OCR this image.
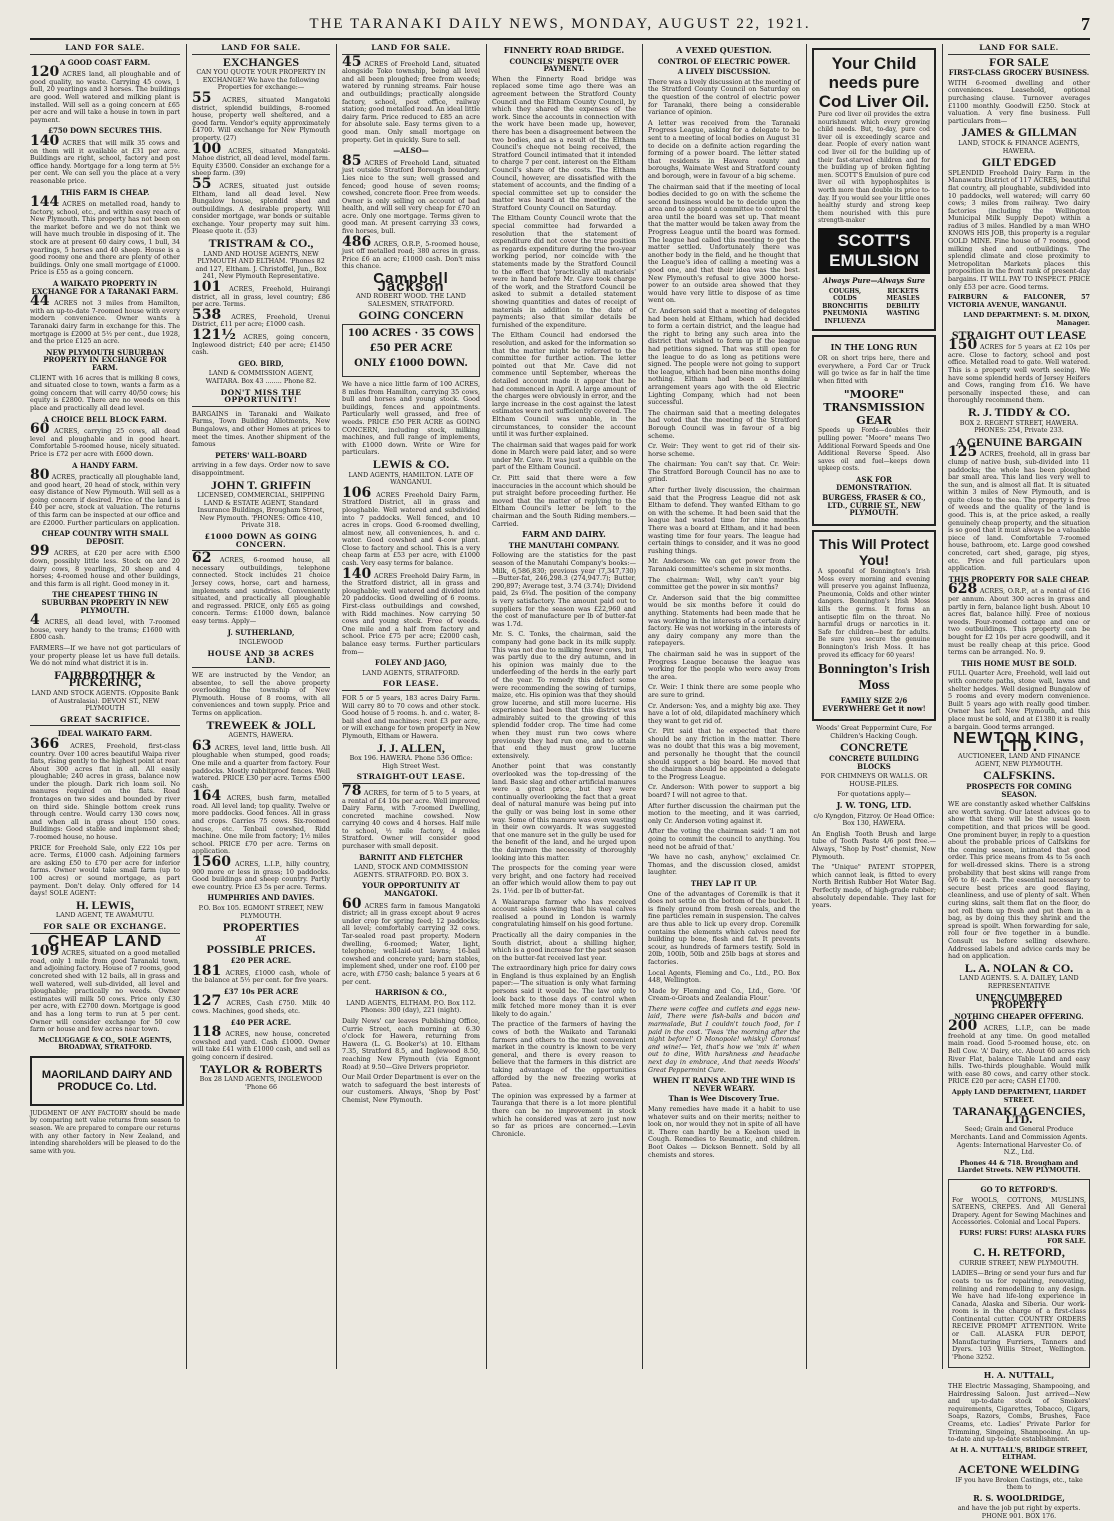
THE TARANAKI DAILY NEWS, MONDAY, AUGUST 22, 1921.	7
LAND FOR SALE.
A GOOD COAST FARM.

120 ACRES land, all ploughable and of good quality, no waste. Carrying 45 cows, 1 bull, 20 yearlings and 3 horses. The buildings are good. Well watered and milking plant is installed. Will sell as a going concern at £65 per acre and will take a house in town in part payment.

£750 DOWN SECURES THIS.

140 ACRES that will milk 35 cows and on them will it available at £31 per acre. Buildings are right, school, factory and post office handy. Mortgage for a long term at 5½ per cent. We can sell you the place at a very reasonable price.

THIS FARM IS CHEAP.

144 ACRES on metalled road, handy to factory, school, etc., and within easy reach of New Plymouth. This property has not been on the market before and we do not think we will have much trouble in disposing of it. The stock are at present 60 dairy cows, 1 bull, 34 yearlings, 5 horses and 40 sheep. House is a good roomy one and there are plenty of other buildings. Only one small mortgage of £1000. Price is £55 as a going concern.

A WAIKATO PROPERTY IN EXCHANGE FOR A TARANAKI FARM.

44 ACRES not 3 miles from Hamilton, with an up-to-date 7-roomed house with every modern convenience. Owner wants a Taranaki dairy farm in exchange for this. The mortgage is £2000 at 5½ per cent., due 1928, and the price £125 an acre.

NEW PLYMOUTH SUBURBAN PROPERTY IN EXCHANGE FOR FARM.

CLIENT with 16 acres that is milking 8 cows, and situated close to town, wants a farm as a going concern that will carry 40/50 cows; his equity is £2800. There are no weeds on this place and practically all dead level.

A CHOICE BELL BLOCK FARM.

60 ACRES, carrying 25 cows, all dead level and ploughable and in good heart. Comfortable 5-roomed house, nicely situated. Price is £72 per acre with £600 down.

A HANDY FARM.

80 ACRES, practically all ploughable land, and good heart, 20 head of stock, within very easy distance of New Plymouth. Will sell as a going concern if desired. Price of the land is £40 per acre, stock at valuation. The returns of this farm can be inspected at our office and are £2000. Further particulars on application.

CHEAP COUNTRY WITH SMALL DEPOSIT.

99 ACRES, at £20 per acre with £500 down, possibly little less. Stock on are 20 dairy cows, 8 yearlings, 20 sheep and 4 horses; 4-roomed house and other buildings, and this farm is all right. Good money in it.

THE CHEAPEST THING IN SUBURBAN PROPERTY IN NEW PLYMOUTH.

4 ACRES, all dead level, with 7-roomed house, very handy to the trams; £1600 with £800 cash.

FARMERS—If we have not got particulars of your property please let us have full details. We do not mind what district it is in.

FAIRBROTHER & PICKERING,

LAND AND STOCK AGENTS. (Opposite Bank of Australasia). DEVON ST., NEW PLYMOUTH

GREAT SACRIFICE.
IDEAL WAIKATO FARM.

366 ACRES, Freehold, first-class country. Over 100 acres beautiful Waipa river flats, rising gently to the highest point at rear. About 300 acres flat in all. All easily ploughable; 240 acres in grass, balance now under the plough. Dark rich loam soil. No manures required on the flats. Road frontages on two sides and bounded by river on third side. Shingle bottom creek runs through centre. Would carry 130 cows now, and when all in grass about 150 cows. Buildings: Good stable and implement shed; 7-roomed house, no house.

PRICE for Freehold Sale, only £22 10s per acre. Terms, £1000 cash. Adjoining farmers are asking £50 to £70 per acre for inferior farms. Owner would take small farm (up to 100 acres) or sound mortgage, as part payment. Don't delay. Only offered for 14 days! SOLE AGENT:

H. LEWIS,

LAND AGENT, TE AWAMUTU.

FOR SALE OR EXCHANGE.
CHEAP LAND

109 ACRES, situated on a good metalled road, only 1 mile from good Taranaki town, and adjoining factory. House of 7 rooms, good concreted shed with 12 bails, all in grass and well watered, well sub-divided, all level and ploughable; practically no weeds. Owner estimates will milk 50 cows. Price only £30 per acre, with £2700 down. Mortgage is good and has a long term to run at 5 per cent. Owner will consider exchange for 50 cow farm or house and few acres near town.

McCLUGGAGE & CO., SOLE AGENTS, BROADWAY, STRATFORD.

MAORILAND DAIRY AND PRODUCE Co. Ltd.

JUDGMENT OF ANY FACTORY should be made by comparing nett value returns from season to season. We are prepared to compare our returns with any other factory in New Zealand, and intending shareholders will be pleased to do the same with you.

LAND FOR SALE.
EXCHANGES

CAN YOU QUOTE YOUR PROPERTY IN EXCHANGE? We have the following Properties for exchange:—

55 ACRES, situated Mangatoki district, splendid buildings, 8-roomed house, property well sheltered, and a good farm. Vendor's equity approximately £4700. Will exchange for New Plymouth property. (27)

100 ACRES, situated Mangatoki-Mahoe district, all dead level, model farm. Equity £3500. Consider an exchange for a sheep farm. (39)

55 ACRES, situated just outside Eltham, land all dead level. New Bungalow house, splendid shed and outbuildings. A desirable property. Will consider mortgage, war bonds or suitable exchange. Your property may suit him. Please quote it. (53)

TRISTRAM & CO.,

LAND AND HOUSE AGENTS, NEW PLYMOUTH AND ELTHAM. 'Phones 82 and 127, Eltham. J. Christoffel, Jun., Box 241, New Plymouth Representative.

101 ACRES, Freehold, Huirangi district, all in grass, level country; £86 per acre. Terms.

538 ACRES, Freehold, Urenui District, £11 per acre; £1000 cash.

121½ ACRES, going concern, Inglewood district; £40 per acre; £1450 cash.

GEO. BIRD,

LAND & COMMISSION AGENT, WAITARA. Box 43 ........ Phone 82.

DON'T MISS THE OPPORTUNITY!

BARGAINS in Taranaki and Waikato Farms, Town Building Allotments, New Bungalows, and other Homes at prices to meet the times. Another shipment of the famous

PETERS' WALL-BOARD

arriving in a few days. Order now to save disappointment.

JOHN T. GRIFFIN

LICENSED, COMMERCIAL, SHIPPING LAND & ESTATE AGENT, Standard Insurance Buildings, Brougham Street, New Plymouth. 'PHONES: Office 410, Private 318.

£1000 DOWN AS GOING CONCERN.

62 ACRES, 6-roomed house, all necessary outbuildings, telephone connected. Stock includes 21 choice Jersey cows, horse, cart and harness, implements and sundries. Conveniently situated, and practically all ploughable and regrassed. PRICE, only £65 as going concern. Terms: £1000 down, balance easy terms. Apply—

J. SUTHERLAND,

INGLEWOOD

HOUSE AND 38 ACRES LAND.

WE are instructed by the Vendor, an absentee, to sell the above property overlooking the township of New Plymouth. House of 8 rooms, with all conveniences and town supply. Price and Terms on application.

TREWEEK & JOLL

AGENTS, HAWERA.

63 ACRES, level land, little bush. All ploughable when stumped, good roads; One mile and a quarter from factory. Four paddocks. Mostly rabbitproof fences. Well watered. PRICE £30 per acre. Terms £500 cash.

164 ACRES, bush farm, metalled road. All level land; top quality. Twelve or more paddocks. Good fences. All in grass and crops. Carries 75 cows. Six-roomed house, etc. Tenbail cowshed, Ridd machine. One mile from factory; 1½ miles school. PRICE £70 per acre. Terms on application.

1560 ACRES, L.I.P., hilly country, 900 more or less in grass; 10 paddocks. Good buildings and sheep country. Partly ewe country. Price £3 5s per acre. Terms.

HUMPHRIES AND DAVIES.

P.O. Box 105. EGMONT STREET, NEW PLYMOUTH.

PROPERTIES
AT
POSSIBLE PRICES.
£20 PER ACRE.

181 ACRES, £1000 cash, whole of the balance at 5½ per cent. for five years.

£37 10s PER ACRE

127 ACRES, Cash £750. Milk 40 cows. Machines, good sheds, etc.

£40 PER ACRE.

118 ACRES, new house, concreted cowshed and yard. Cash £1000. Owner will take £41 with £1000 cash, and sell as going concern if desired.

TAYLOR & ROBERTS

Box 28 LAND AGENTS, INGLEWOOD 'Phone 66

LAND FOR SALE.

45 ACRES of Freehold Land, situated alongside Toko township, being all level and all been ploughed; free from weeds; watered by running streams. Fair house and outbuildings; practically alongside factory, school, post office, railway station; good metalled road. An ideal little dairy farm. Price reduced to £85 an acre for absolute sale. Easy terms given to a good man. Only small mortgage on property. Get in quickly. Sure to sell.

—ALSO—

85 ACRES of Freehold Land, situated just outside Stratford Borough boundary. Lies nice to the sun; well grassed and fenced; good house of seven rooms; cowshed, concrete floor. Free from weeds. Owner is only selling on account of bad health, and will sell very cheap for £70 an acre. Only one mortgage. Terms given to good man. At present carrying 33 cows, five horses, bull.

486 ACRES, O.R.P., 5-roomed house, just off metalled road; 380 acres in grass. Price £6 an acre; £1000 cash. Don't miss this chance.

Campbell Jackson

AND ROBERT WOOD. THE LAND SALESMEN, STRATFORD.

GOING CONCERN

100 ACRES · 35 COWS

£50 PER ACRE

ONLY £1000 DOWN.

We have a nice little farm of 100 ACRES, 8 miles from Hamilton, carrying 35 cows, bull and horses and young stock. Good buildings, fences and appointments. Particularly well grassed, and free of weeds. PRICE £50 PER ACRE as GOING CONCERN, including stock, milking machines, and full range of implements, with £1000 down. Write or Wire for particulars.

LEWIS & CO.

LAND AGENTS, HAMILTON. LATE OF WANGANUI.

106 ACRES Freehold Dairy Farm, Stratford District, all in grass and ploughable. Well watered and subdivided into 7 paddocks. Well fenced, and 10 acres in crops. Good 6-roomed dwelling, almost new, all conveniences, h. and c. water. Good cowshed and 4-cow plant. Close to factory and school. This is a very cheap farm at £53 per acre, with £1000 cash. Very easy terms for balance.

140 ACRES Freehold Dairy Farm, in the Stratford district, all in grass and ploughable; well watered and divided into 20 paddocks. Good dwelling of 6 rooms. First-class outbuildings and cowshed, with Ridd machines. Now carrying 50 cows and young stock. Free of weeds. One mile and a half from factory and school. Price £75 per acre; £2000 cash, balance easy terms. Further particulars from—

FOLEY AND JAGO,

LAND AGENTS, STRATFORD.

FOR LEASE.

FOR 5 or 5 years, 183 acres Dairy Farm. Will carry 80 to 70 cows and other stock. Good house of 5 rooms. h. and c. water, 8-bail shed and machines; rent £3 per acre, or will exchange for town property in New Plymouth, Eltham or Hawera.

J. J. ALLEN,

Box 196. HAWERA. Phone 536 Office: High Street West.

STRAIGHT-OUT LEASE.

78 ACRES, for term of 5 to 5 years, at a rental of £4 10s per acre. Well improved Dairy Farm, with 7-roomed Dwelling, concreted machine cowshed. Now carrying 40 cows and 4 horses. Half mile to school, ½ mile factory, 4 miles Stratford. Owner will consider good purchaser with small deposit.

BARNITT AND FLETCHER

LAND, STOCK AND COMMISSION AGENTS. STRATFORD. P.O. BOX 3.

YOUR OPPORTUNITY AT MANGATOKI.

60 ACRES farm in famous Mangatoki district; all in grass except about 9 acres under crop for spring feed; 12 paddocks; all level; comfortably carrying 32 cows. Tar-sealed road past property. Modern dwelling, 6-roomed; Water, light, telephone; well-laid-out lawns; 16-bail cowshed and concrete yard; barn stables, implement shed, under one roof. £100 per acre, with £750 cash; balance 5 years at 6 per cent.

HARRISON & CO.,

LAND AGENTS, ELTHAM. P.O. Box 112. Phones: 300 (day), 221 (night).

Daily News' car leaves Publishing Office, Currie Street, each morning at 6.30 o'clock for Hawera, returning from Hawera (L. G. Booker's) at 10. Eltham 7.35, Stratford 8.5, and Inglewood 8.50, reaching New Plymouth (via Egmont Road) at 9.50—Give Drivers proprietor.

Our Mail Order Department is ever on the watch to safeguard the best interests of our customers. Always, 'Shop by Post' Chemist, New Plymouth.

FINNERTY ROAD BRIDGE.
COUNCILS' DISPUTE OVER PAYMENT.

When the Finnerty Road bridge was replaced some time ago there was an agreement between the Stratford County Council and the Eltham County Council, by which they shared the expenses of the work. Since the accounts in connection with the work have been made up, however, there has been a disagreement between the two bodies, and as a result of the Eltham Council's cheque not being received, the Stratford Council intimated that it intended to charge 7 per cent. interest on the Eltham Council's share of the costs. The Eltham Council, however, are dissatisfied with the statement of accounts, and the finding of a special committee set up to consider the matter was heard at the meeting of the Stratford County Council on Saturday.

The Eltham County Council wrote that the special committee had forwarded a resolution that the statement of expenditure did not cover the true position as regards expenditure during the two-year working period, nor coincide with the statements made by the Stratford Council to the effect that 'practically all materials' were in hand before Mr. Cave took charge of the work, and the Stratford Council be asked to submit a detailed statement showing quantities and dates of receipt of materials in addition to the date of payments; also that similar details be furnished of the expenditure.

The Eltham Council had endorsed the resolution, and asked for the information so that the matter might be referred to the committee for further action. The letter pointed out that Mr. Cave did not commence until September, whereas the detailed account made it appear that he had commenced in April. A large amount of the charges were obviously in error, and the large increase in the cost against the latest estimates were not sufficiently covered. The Eltham Council was unable, in the circumstances, to consider the account until it was further explained.

The chairman said that wages paid for work done in March were paid later, and so were under Mr. Cave. It was just a quibble on the part of the Eltham Council.

Cr. Pitt said that there were a few inaccuracies in the account which should be put straight before proceeding further. He moved that the matter of replying to the Eltham Council's letter be left to the chairman and the South Riding members.—Carried.

FARM AND DAIRY.
THE MANUTAHI COMPANY.

Following are the statistics for the past season of the Manutahi Company's books:—Milk, 6,586,830; previous year (7,347,730)—Butter-fat, 246,298.3 (274,947.7); Butter, 290,897; Average test, 3.74 (3.74); Dividend paid, 2s 6¾d. The position of the company is very satisfactory. The amount paid out to suppliers for the season was £22,960 and the cost of manufacture per lb of butter-fat was 1.7d.

Mr. S. C. Tonks, the chairman, said the company had gone back in its milk supply. This was not due to milking fewer cows, but was partly due to the dry autumn, and in his opinion was mainly due to the underfeeding of the herds in the early part of the year. To remedy this defect some were recommending the sowing of turnips, maize, etc. His opinion was that they should grow lucerne, and still more lucerne. His experience had been that this district was admirably suited to the growing of this splendid fodder crop. The time had come when they must run two cows where previously they had run one, and to attain that end they must grow lucerne extensively.

Another point that was constantly overlooked was the top-dressing of the land. Basic slag and other artificial manures were a great price, but they were continually overlooking the fact that a great deal of natural manure was being put into the gully or was being lost in some other way. Some of this manure was even wasting in their own cowyards. It was suggested that one manure set in the gully be used for the benefit of the land, and he urged upon the dairymen the necessity of thoroughly looking into this matter.

The prospects for the coming year were very bright, and one factory had received an offer which would allow them to pay out 2s. 1½d. per lb of butter-fat.

A Waiararapa farmer who has received account sales showing that his veal calves realised a pound in London is warmly congratulating himself on his good fortune.

Practically all the dairy companies in the South district, about a shilling higher, which is a good increase for the past season on the butter-fat received last year.

The extraordinary high price for dairy cows in England is thus explained by an English paper:—'The situation is only what farming persons said it would be. The law only to look back to those days of control when milk fetched more money than it is ever likely to do again.'

The practice of the farmers of having the cows of both the Waikato and Taranaki farmers and others to the most convenient market in the country is known to be very general, and there is every reason to believe that the farmers in this district are taking advantage of the opportunities afforded by the new freezing works at Patea.

The opinion was expressed by a farmer at Tauranga that there is a lot more plentiful there can be no improvement in stock which he considered was at zero just now so far as prices are concerned.—Levin Chronicle.

A VEXED QUESTION.
CONTROL OF ELECTRIC POWER.
A LIVELY DISCUSSION.

There was a lively discussion at the meeting of the Stratford County Council on Saturday on the question of the control of electric power for Taranaki, there being a considerable variance of opinion.

A letter was received from the Taranaki Progress League, asking for a delegate to be sent to a meeting of local bodies on August 31 to decide on a definite action regarding the forming of a power board. The letter stated that residents in Hawera county and boroughs, Waimate West and Stratford county and borough, were in favour of a big scheme.

The chairman said that if the meeting of local bodies decided to go on with the scheme the second business would be to decide upon the area and to appoint a committee to control the area until the board was set up. That meant that the matter would be taken away from the Progress League until the board was formed. The league had called this meeting to get the matter settled. Unfortunately there was another body in the field, and he thought that the League's idea of calling a meeting was a good one, and that their idea was the best. New Plymouth's refusal to give 3000 horse-power to an outside area showed that they would have very little to dispose of as time went on.

Cr. Anderson said that a meeting of delegates had been held at Eltham, which had decided to form a certain district, and the league had the right to bring any such area into the district that wished to form up if the league had petitions signed. That was still open for the league to do as long as petitions were signed. The people were not going to support the league, which had been nine months doing nothing. Eltham had been a similar arrangement years ago with the old Electric Lighting Company, which had not been successful.

The chairman said that a meeting delegates had voted that the meeting of the Stratford Borough Council was in favour of a big scheme.

Cr. Weir: They went to get rid of their six-horse scheme.

The chairman: You can't say that. Cr. Weir: The Stratford Borough Council has no axe to grind.

After further lively discussion, the chairman said that the Progress League did not ask Eltham to defend. They wanted Eltham to go on with the scheme. It had been said that the league had wasted time for nine months. There was a board at Eltham, and it had been wasting time for four years. The league had certain things to consider, and it was no good rushing things.

Mr. Anderson: We can get power from the Taranaki committee's scheme in six months.

The chairman: Well, why can't your big committee get the power in six months?

Cr. Anderson said that the big committee would be six months before it could do anything. Statements had been made that he was working in the interests of a certain dairy factory. He was not working in the interests of any dairy company any more than the ratepayers.

The chairman said he was in support of the Progress League because the league was working for the people who were away from the area.

Cr. Weir: I think there are some people who are sure to grind.

Cr. Anderson: Yes, and a mighty big axe. They have a lot of old, dilapidated machinery which they want to get rid of.

Cr. Pitt said that he expected that there should be any friction in the matter. There was no doubt that this was a big movement, and personally he thought that the council should support a big board. He moved that the chairman should be appointed a delegate to the Progress League.

Cr. Anderson: With power to support a big board? I will not agree to that.

After further discussion the chairman put the motion to the meeting, and it was carried, only Cr. Anderson voting against it.

After the voting the chairman said: 'I am not going to commit the council to anything. You need not be afraid of that.'

'We have no cash, anyhow,' exclaimed Cr. Thomas, and the discussion closed, amidst laughter.

THEY LAP IT UP.

One of the advantages of Coremilk is that it does not settle on the bottom of the bucket. It is finely ground from fresh cereals, and the fine particles remain in suspension. The calves are thus able to lick up every drop. Coremilk contains the elements which calves need for building up bone, flesh and fat. It prevents scour, as hundreds of farmers testify. Sold in 20lb, 100lb, 50lb and 25lb bags at stores and factories.

Local Agents, Fleming and Co., Ltd., P.O. Box 448, Wellington.

Made by Fleming and Co., Ltd., Gore. 'Of Cream-o-Groats and Zealandia Flour.'

There were coffee and cutlets and eggs new-laid, There were fish-balls and bacon and marmalade, But I couldn't touch food, for I paid in the cost. 'Twas 'the morning after the night before!' O Monopole! whisky! Coronas! and wine!— Yet, that's how we 'mix it' when out to dine, With harshness and headache next day in embrace, And that needs Woods' Great Peppermint Cure.

WHEN IT RAINS AND THE WIND IS NEVER WEARY.
Than is Wee Discovery True.

Many remedies have made it a habit to use whatever suits and on their merits; neither to look on, nor would they not in spite of all have it. There can hardly be a Keelson used in Cough. Remedies to Reumatic, and children. Boot Oakes — Dickson Bennett. Sold by all chemists and stores.

Your Child needs pure Cod Liver Oil.

Pure cod liver oil provides the extra nourishment which every growing child needs. But, to-day, pure cod liver oil is exceedingly scarce and dear. People of every nation want cod liver oil for the building up of their fast-starved children and for the building up of broken fighting men. SCOTT'S Emulsion of pure cod liver oil with hypophosphites is worth more than double its price to-day. If you would see your little ones healthy sturdy and strong keep them nourished with this pure strength-maker

SCOTT'S EMULSION
Always Pure—Always Sure
COUGHS, COLDS BRONCHITIS PNEUMONIA INFLUENZA
RICKETS MEASLES DEBILITY WASTING
IN THE LONG RUN

OR on short trips here, there and everywhere, a Ford Car or Truck will go twice as far in half the time when fitted with

"MOORE" TRANSMISSION GEAR

Speeds up Fords—doubles their pulling power. "Moore" means Two Additional Forward Speeds and One Additional Reverse Speed. Also saves oil and fuel—keeps down upkeep costs.

ASK FOR DEMONSTRATION.
BURGESS, FRASER & CO., LTD., CURRIE ST., NEW PLYMOUTH.
This Will Protect You!

A spoonful of Bonnington's Irish Moss every morning and evening will preserve you against Influenza, Pneumonia, Colds and other winter dangers. Bonnington's Irish Moss kills the germs. It forms an antiseptic film on the throat. No harmful drugs or narcotics in it. Safe for children—best for adults. Be sure you secure the genuine Bonnington's Irish Moss. It has proved its efficacy for 60 years!

Bonnington's Irish Moss
FAMILY SIZE 2/6 EVERYWHERE Get it now!

Woods' Great Peppermint Cure, For Children's Hacking Cough.

CONCRETE
CONCRETE BUILDING BLOCKS

FOR CHIMNEYS OR WALLS. OR HOUSE-PILES.

For quotations apply—

J. W. TONG, LTD.

c/o Kyngdon, Fitzroy. Or Head Office: Box 130, HAWERA.

An English Tooth Brush and large tube of Tooth Paste 4/6 post free.—Always, "Shop by Post" chemist, New Plymouth.

The "Unique" PATENT STOPPER, which cannot leak, is fitted to every North British Rubber Hot Water Bag. Perfectly made, of high-grade rubber; absolutely dependable. They last for years.

LAND FOR SALE.
FOR SALE
FIRST-CLASS GROCERY BUSINESS.

WITH 6-roomed dwelling and other conveniences. Leasehold, optional purchasing clause. Turnover averages £1100 monthly. Goodwill £250. Stock at valuation. A very fine business. Full particulars from—

JAMES & GILLMAN

LAND, STOCK & FINANCE AGENTS, HAWERA.

GILT EDGED

SPLENDID Freehold Dairy Farm in the Manawatu District of 117 ACRES, beautiful flat country, all ploughable, subdivided into 10 paddocks, well watered; will carry 60 cows; 3 miles from railway. Two dairy factories (including the Wellington Municipal Milk Supply Depot) within a radius of 3 miles. Handled by a man WHO KNOWS HIS JOB, this property is a regular GOLD MINE. Fine house of 7 rooms, good milking shed and outbuildings. The splendid climate and close proximity to Metropolitan Markets places this proposition in the front rank of present-day bargains. IT WILL PAY TO INSPECT. PRICE only £53 per acre. Good terms.

FAIRBURN & FALCONER, 57 VICTORIA AVENUE, WANGANUI.

LAND DEPARTMENT: S. M. DIXON, Manager.

STRAIGHT OUT LEASE

150 ACRES for 5 years at £2 10s per acre. Close to factory, school and post office. Metalled road to gate. Well watered. This is a property well worth seeing. We have some splendid herds of Jersey Heifers and Cows, ranging from £16. We have personally inspected these, and can thoroughly recommend them.

R. J. TIDDY & CO.

BOX 2. REGENT STREET, HAWERA. PHONES: 254, Private 233.

A GENUINE BARGAIN

125 ACRES, freehold, all in grass bar clump of native bush, sub-divided into 11 paddocks; the whole has been ploughed bar small area. This land lies very well to the sun, and is almost all flat. It is situated within 3 miles of New Plymouth, and is quite close to the sea. The property is free of weeds and the quality of the land is good. This is, at the price asked, a really genuinely cheap property, and the situation is so good that it must always be a valuable piece of land. Comfortable 7-roomed house, bathroom, etc. Large good cowshed concreted, cart shed, garage, pig styes, etc. Price and full particulars upon application.

THIS PROPERTY FOR SALE CHEAP.

628 ACRES, O.R.P., at a rental of £16 per annum. About 300 acres in grass and partly in fern, balance light bush. About 10 acres flat, balance hilly. Free of noxious weeds. Four-roomed cottage and one or two outbuildings. This property can be bought for £2 10s per acre goodwill, and it must be really cheap at this price. Good terms can be arranged. No. 9.

THIS HOME MUST BE SOLD.

FULL Quarter Acre, Freehold, well laid out with concrete paths, stone wall, lawns and shelter hedges. Well designed Bungalow of 5 rooms and every modern convenience. Built 5 years ago with really good timber. Owner has left New Plymouth, and this place must be sold, and at £1380 it is really a bargain. Good terms arranged.

NEWTON KING, LTD.

AUCTIONEER, LAND AND FINANCE AGENT, NEW PLYMOUTH.

CALFSKINS.
PROSPECTS FOR COMING SEASON.

WE are constantly asked whether Calfskins are worth saving. Our latest advices go to show that there will be the usual keen competition, and that prices will be good. One prominent buyer, in reply to a question about the probable prices of Calfskins for the coming season, intimated that good order. This price means from 4s to 5s each for well-dressed skins. There is a strong probability that best skins will range from 6/6 to 8/- each. The essential necessary to secure best prices are good flaying, cleanliness, and use of plenty of salt. When curing skins, salt them flat on the floor, do not roll them up fresh and put them in a bag, as by doing this they shrink and the spread is spoilt. When forwarding for sale, roll four or five together in a bundle. Consult us before selling elsewhere. Addressed labels and advice cards may be had on application.

L. A. NOLAN & CO.

LAND AGENTS. S. A. DAILEY, LAND REPRESENTATIVE

UNENCUMBERED PROPERTY
NOTHING CHEAPER OFFERING.

200 ACRES, L.I.P., can be made freehold at any time. On good metalled main road. Good 5-roomed house, etc. on Bell Cow. 'A' Dairy, etc. About 60 acres rich River Flat, balance Table Land and easy hills. Two-thirds ploughable. Would milk with ease 80 cows, and carry other stock. PRICE £20 per acre; CASH £1700.

Apply LAND DEPARTMENT, LIARDET STREET.

TARANAKI AGENCIES, LTD.

Seed; Grain and General Produce Merchants. Land and Commission Agents. Agents: International Harvester Co. of N.Z., Ltd.

Phones 44 & 718. Brougham and Liardet Streets. NEW PLYMOUTH.

GO TO RETFORD'S.

For WOOLS, COTTONS, MUSLINS, SATEENS, CREPES. And All General Drapery. Agent for Sewing Machines and Accessories. Colonial and Local Papers.

FURS! FURS! FURS! ALASKA FURS FOR SALE.

C. H. RETFORD,

CURRIE STREET, NEW PLYMOUTH.

LADIES—Bring or send your furs and fur coats to us for repairing, renovating, relining and remodelling to any design. We have had life-long experience in Canada, Alaska and Siberia. Our work-room is in the charge of a first-class Continental cutter. COUNTRY ORDERS RECEIVE PROMPT ATTENTION. Write or Call. ALASKA FUR DEPOT, Manufacturing Furriers, Tanners and Dyers. 103 Willis Street, Wellington. 'Phone 3252.

H. A. NUTTALL,

THE Electric Massaging, Shampooing, and Hairdressing Saloon. Just arrived—New and up-to-date stock of Smokers' requirements, Cigarettes, Tobacco, Cigars, Soaps, Razors, Combs, Brushes, Face Creams, etc. Ladies' Private Parlor for Trimming, Singeing, Shampooing. An up-to-date and up-to-date establishment.

At H. A. NUTTALL'S, BRIDGE STREET, ELTHAM.

ACETONE WELDING

IF you have Broken Castings, etc., take them to

R. S. WOOLDRIDGE,

and have the job put right by experts. PHONE 901. BOX 176.
